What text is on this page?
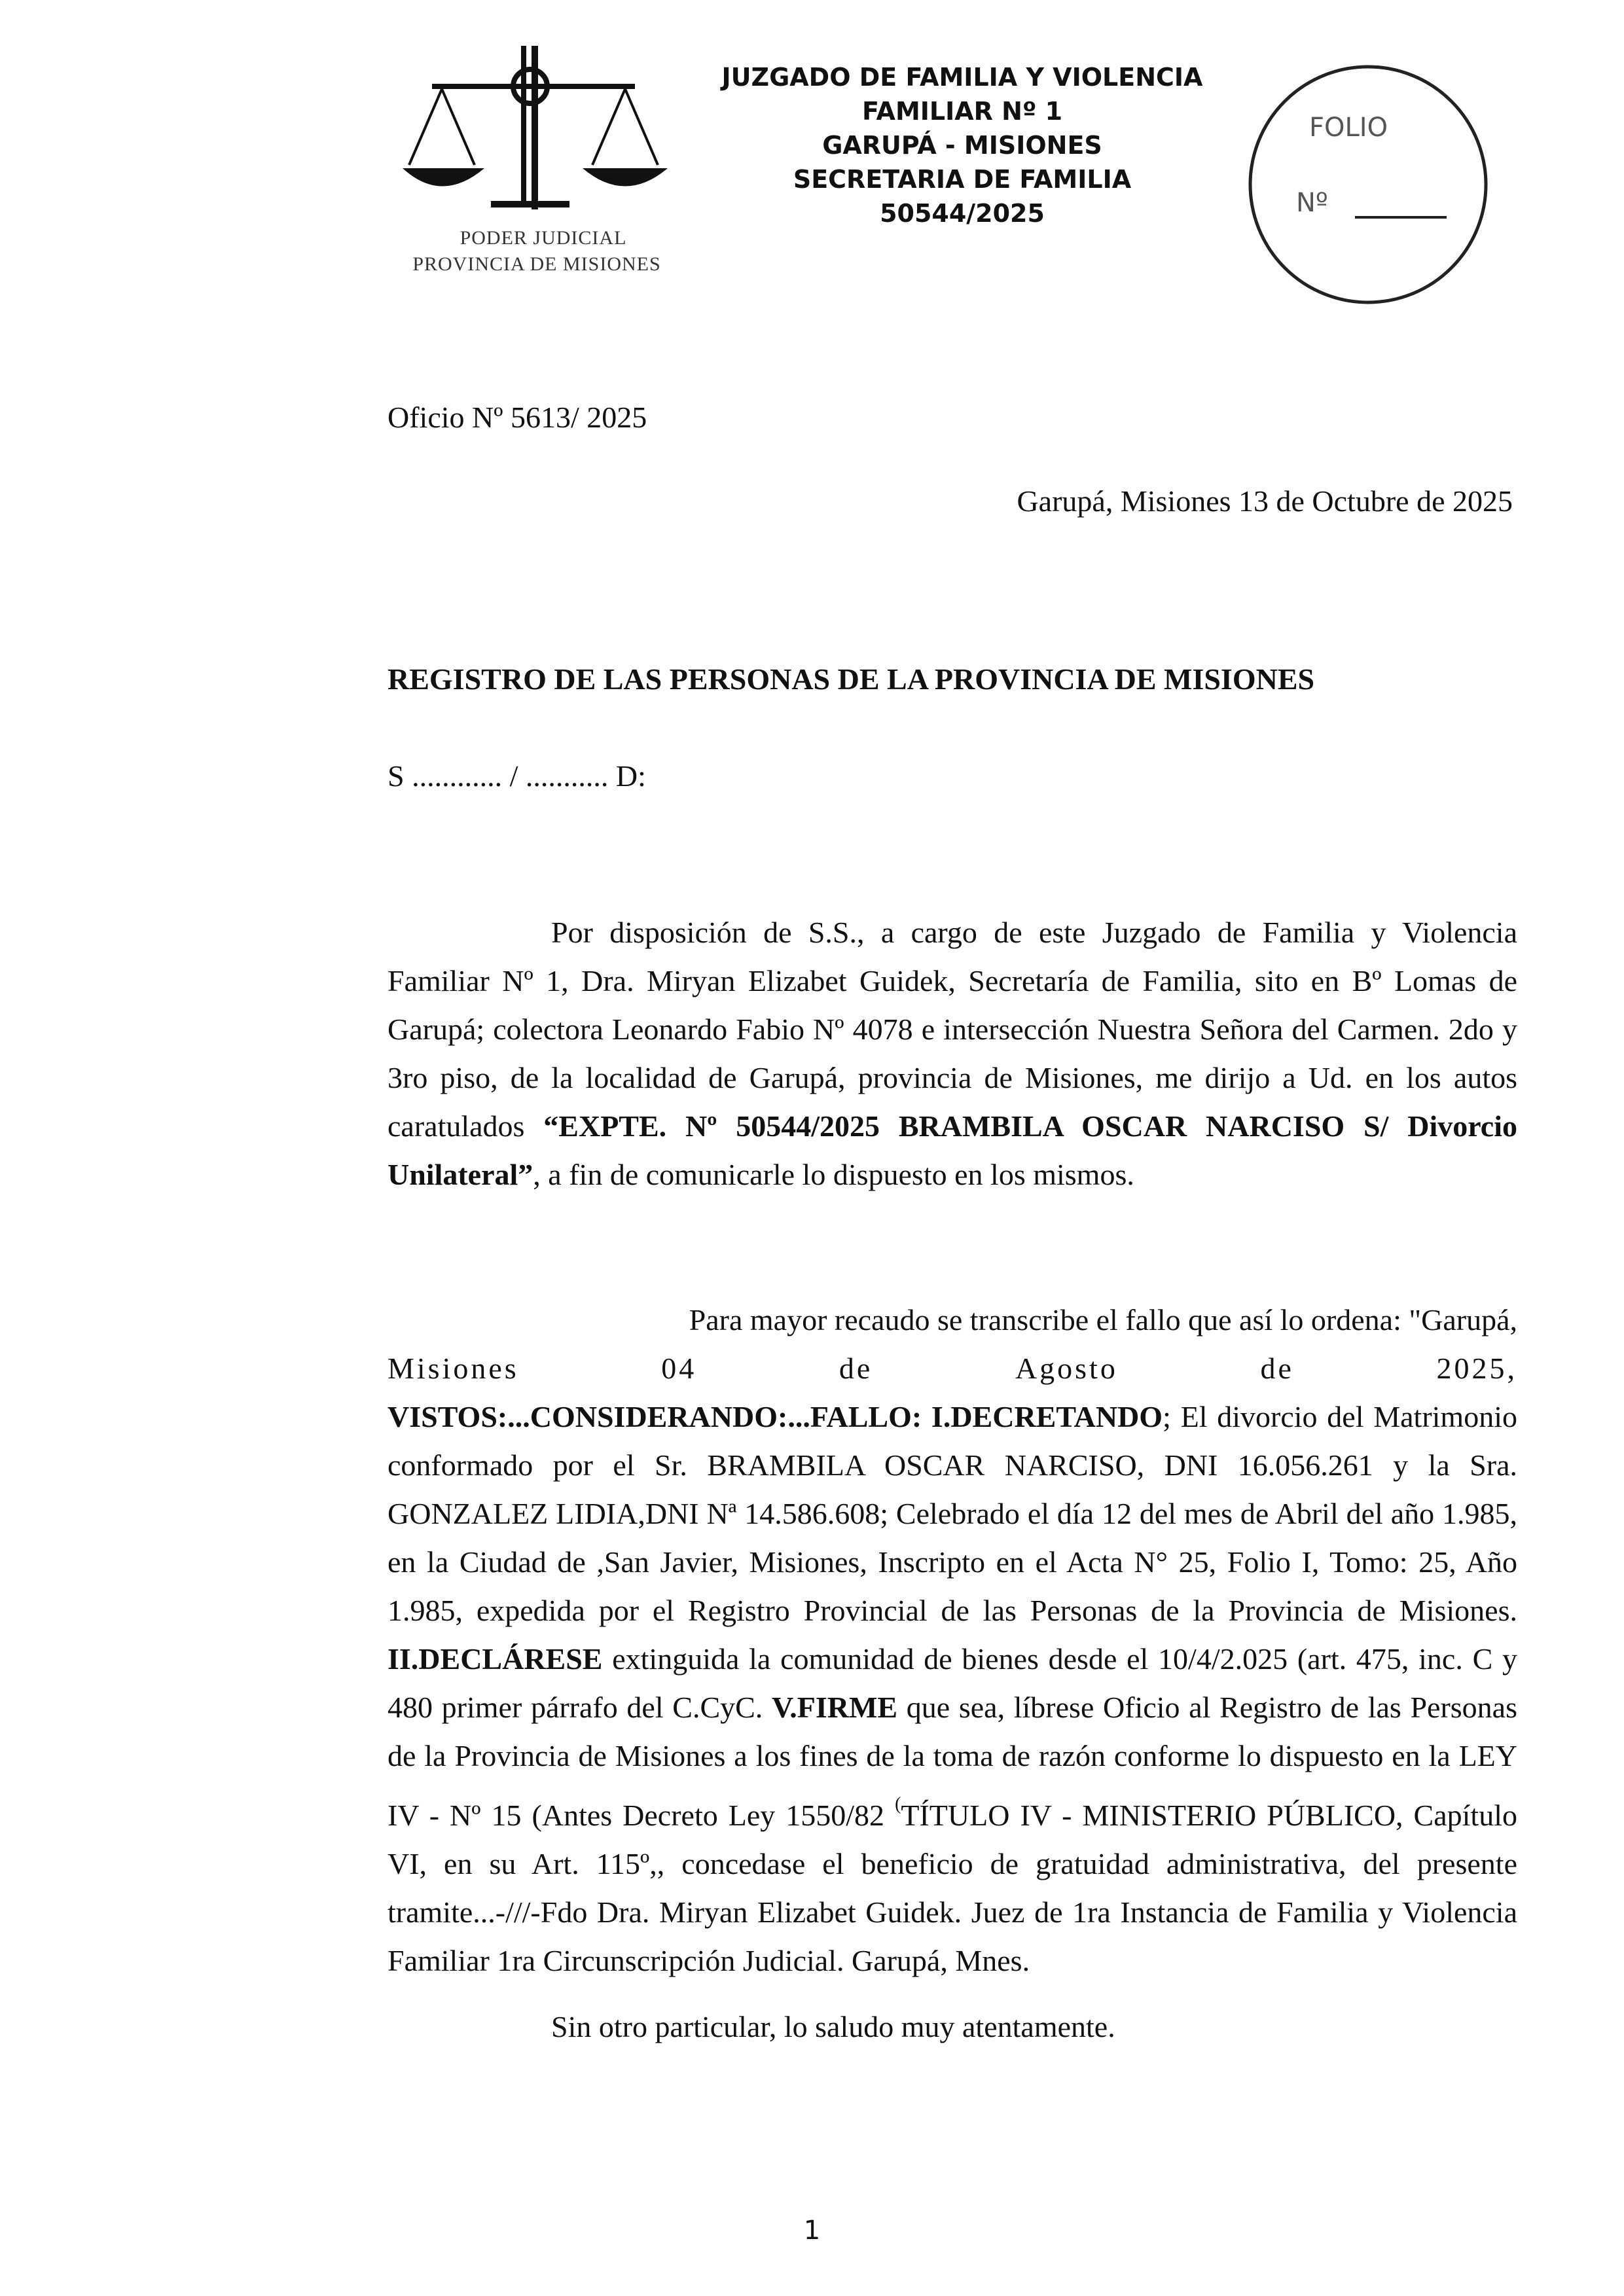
PODER JUDICIAL
PROVINCIA DE MISIONES
JUZGADO DE FAMILIA Y VIOLENCIA
FAMILIAR Nº 1
GARUPÁ - MISIONES
SECRETARIA DE FAMILIA
50544/2025
FOLIO
Nº
Oficio Nº 5613/ 2025
Garupá, Misiones 13 de Octubre de 2025
REGISTRO DE LAS PERSONAS DE LA PROVINCIA DE MISIONES
S ............ / ........... D:

Por disposición de S.S., a cargo de este Juzgado de Familia y Violencia Familiar Nº 1, Dra. Miryan Elizabet Guidek, Secretaría de Familia, sito en Bº Lomas de Garupá; colectora Leonardo Fabio Nº 4078 e intersección Nuestra Señora del Carmen. 2do y 3ro piso, de la localidad de Garupá, provincia de Misiones, me dirijo a Ud. en los autos caratulados “EXPTE. Nº 50544/2025 BRAMBILA OSCAR NARCISO S/ Divorcio Unilateral”, a fin de comunicarle lo dispuesto en los mismos.

Para mayor recaudo se transcribe el fallo que así lo ordena: "Garupá,
Misiones	04	de	Agosto	de	2025,
VISTOS:...CONSIDERANDO:...FALLO: I.DECRETANDO; El divorcio del Matrimonio conformado por el Sr. BRAMBILA OSCAR NARCISO, DNI 16.056.261 y la Sra. GONZALEZ LIDIA,DNI Nª 14.586.608; Celebrado el día 12 del mes de Abril del año 1.985, en la Ciudad de ,San Javier, Misiones, Inscripto en el Acta N° 25, Folio I, Tomo: 25, Año 1.985, expedida por el Registro Provincial de las Personas de la Provincia de Misiones. II.DECLÁRESE extinguida la comunidad de bienes desde el 10/4/2.025 (art. 475, inc. C y 480 primer párrafo del C.CyC. V.FIRME que sea, líbrese Oficio al Registro de las Personas de la Provincia de Misiones a los fines de la toma de razón conforme lo dispuesto en la LEY IV - Nº 15 (Antes Decreto Ley 1550/82 (TÍTULO IV - MINISTERIO PÚBLICO, Capítulo VI, en su Art. 115º,, concedase el beneficio de gratuidad administrativa, del presente tramite...-///-Fdo Dra. Miryan Elizabet Guidek. Juez de 1ra Instancia de Familia y Violencia Familiar 1ra Circunscripción Judicial. Garupá, Mnes.
Sin otro particular, lo saludo muy atentamente.
1
